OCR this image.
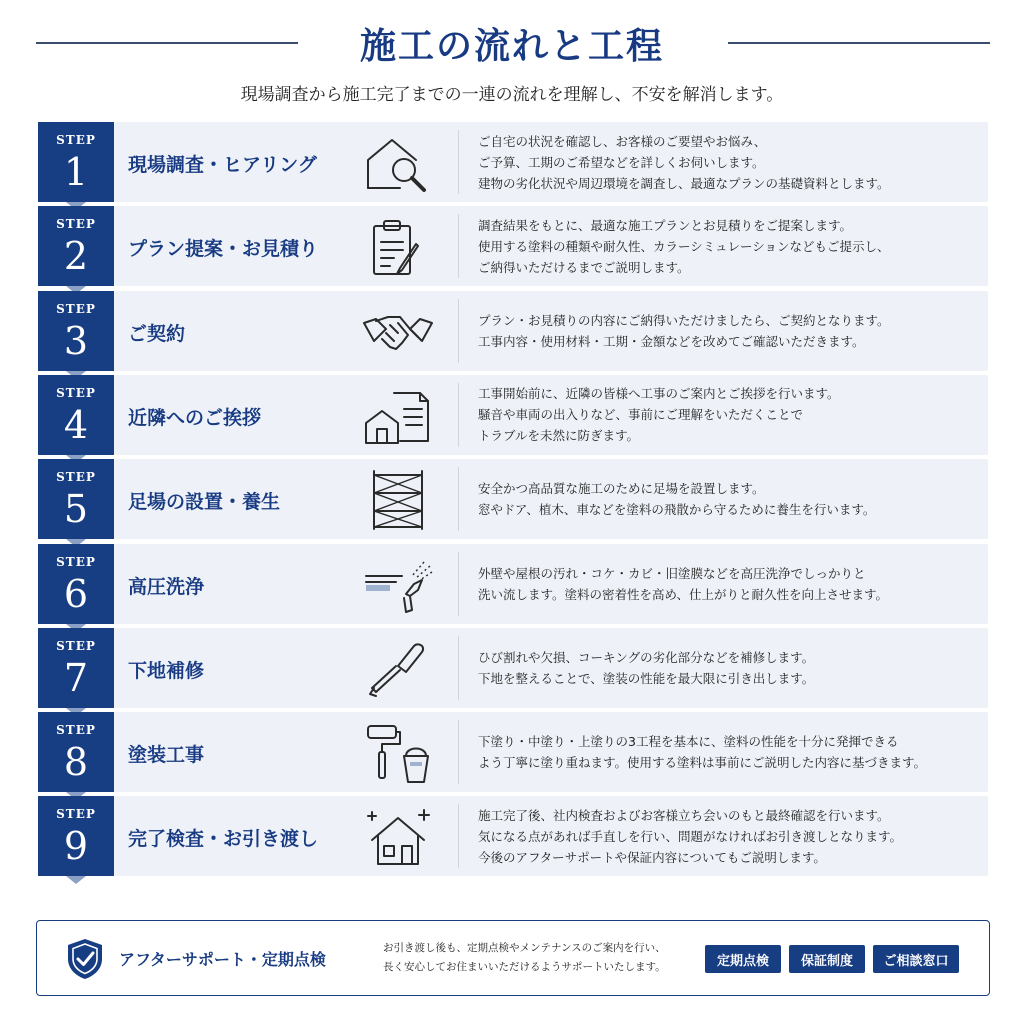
施工の流れと工程

現場調査から施工完了までの一連の流れを理解し、不安を解消します。

STEP
1	現場調査・ヒアリング
ご自宅の状況を確認し、お客様のご要望やお悩み、
ご予算、工期のご希望などを詳しくお伺いします。
建物の劣化状況や周辺環境を調査し、最適なプランの基礎資料とします。
STEP
2	プラン提案・お見積り
調査結果をもとに、最適な施工プランとお見積りをご提案します。
使用する塗料の種類や耐久性、カラーシミュレーションなどもご提示し、
ご納得いただけるまでご説明します。
STEP
3	ご契約
プラン・お見積りの内容にご納得いただけましたら、ご契約となります。
工事内容・使用材料・工期・金額などを改めてご確認いただきます。
STEP
4	近隣へのご挨拶
工事開始前に、近隣の皆様へ工事のご案内とご挨拶を行います。
騒音や車両の出入りなど、事前にご理解をいただくことで
トラブルを未然に防ぎます。
STEP
5	足場の設置・養生
安全かつ高品質な施工のために足場を設置します。
窓やドア、植木、車などを塗料の飛散から守るために養生を行います。
STEP
6	高圧洗浄
外壁や屋根の汚れ・コケ・カビ・旧塗膜などを高圧洗浄でしっかりと
洗い流します。塗料の密着性を高め、仕上がりと耐久性を向上させます。
STEP
7	下地補修
ひび割れや欠損、コーキングの劣化部分などを補修します。
下地を整えることで、塗装の性能を最大限に引き出します。
STEP
8	塗装工事
下塗り・中塗り・上塗りの3工程を基本に、塗料の性能を十分に発揮できる
よう丁寧に塗り重ねます。使用する塗料は事前にご説明した内容に基づきます。
STEP
9	完了検査・お引き渡し
施工完了後、社内検査およびお客様立ち会いのもと最終確認を行います。
気になる点があれば手直しを行い、問題がなければお引き渡しとなります。
今後のアフターサポートや保証内容についてもご説明します。
アフターサポート・定期点検
お引き渡し後も、定期点検やメンテナンスのご案内を行い、
長く安心してお住まいいただけるようサポートいたします。	定期点検	保証制度	ご相談窓口
